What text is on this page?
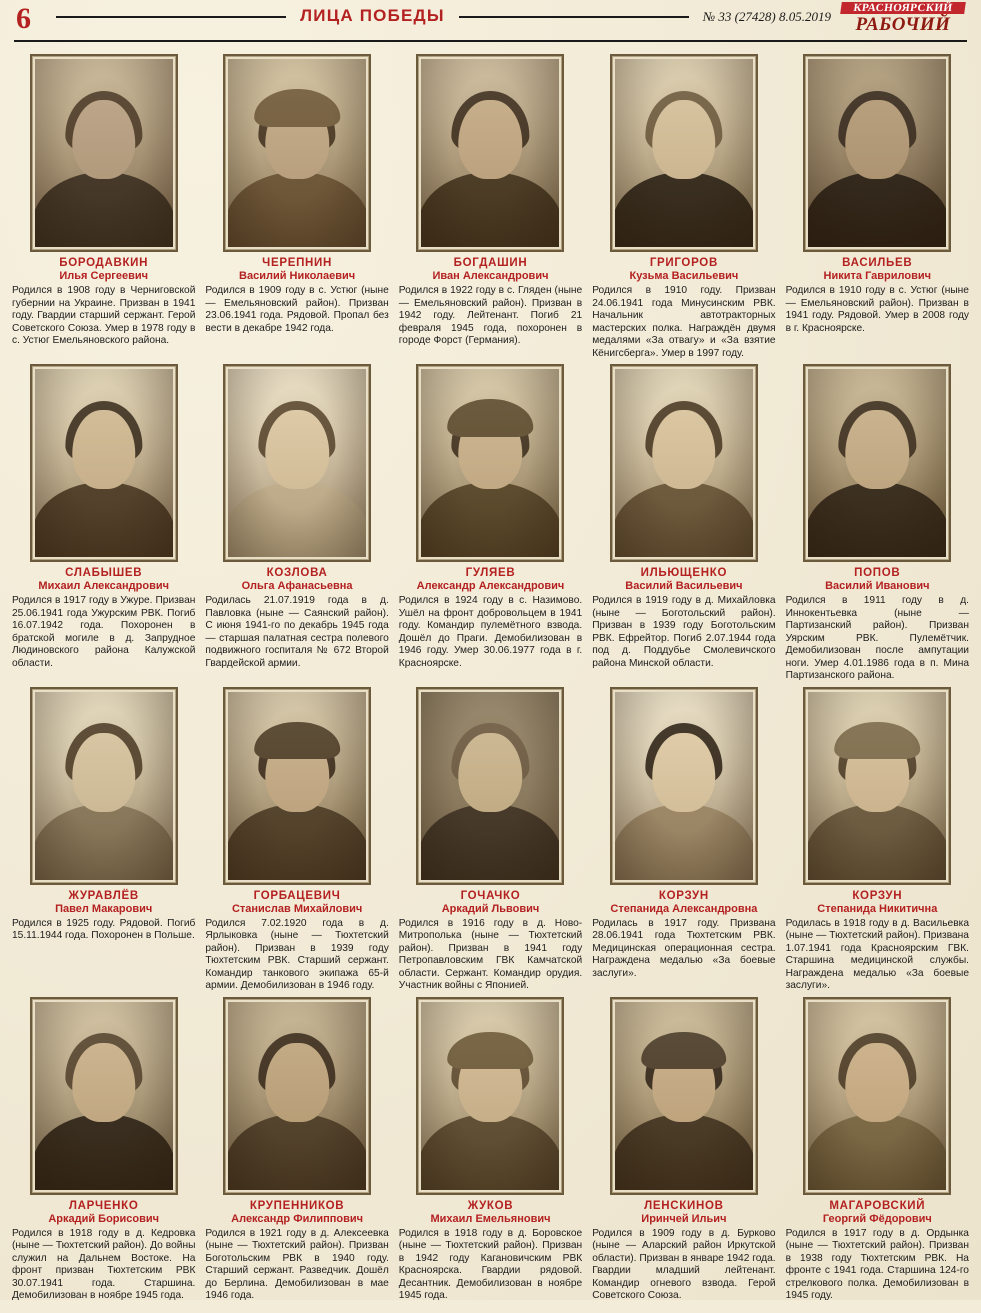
6	ЛИЦА ПОБЕДЫ	№ 33 (27428) 8.05.2019
КРАСНОЯРСКИЙ
РАБОЧИЙ
БОРОДАВКИН
Илья Сергеевич
Родился в 1908 году в Черниговской губернии на Украине. Призван в 1941 году. Гвардии старший сержант. Герой Советского Союза. Умер в 1978 году в с. Устюг Емельяновского района.
ЧЕРЕПНИН
Василий Николаевич
Родился в 1909 году в с. Устюг (ныне — Емельяновский район). Призван 23.06.1941 года. Рядовой. Пропал без вести в декабре 1942 года.
БОГДАШИН
Иван Александрович
Родился в 1922 году в с. Гляден (ныне — Емельяновский район). Призван в 1942 году. Лейтенант. Погиб 21 февраля 1945 года, похоронен в городе Форст (Германия).
ГРИГОРОВ
Кузьма Васильевич
Родился в 1910 году. Призван 24.06.1941 года Минусинским РВК. Начальник автотракторных мастерских полка. Награждён двумя медалями «За отвагу» и «За взятие Кёнигсберга». Умер в 1997 году.
ВАСИЛЬЕВ
Никита Гаврилович
Родился в 1910 году в с. Устюг (ныне — Емельяновский район). Призван в 1941 году. Рядовой. Умер в 2008 году в г. Красноярске.
СЛАБЫШЕВ
Михаил Александрович
Родился в 1917 году в Ужуре. Призван 25.06.1941 года Ужурским РВК. Погиб 16.07.1942 года. Похоронен в братской могиле в д. Запрудное Людиновского района Калужской области.
КОЗЛОВА
Ольга Афанасьевна
Родилась 21.07.1919 года в д. Павловка (ныне — Саянский район). С июня 1941-го по декабрь 1945 года — старшая палатная сестра полевого подвижного госпиталя № 672 Второй Гвардейской армии.
ГУЛЯЕВ
Александр Александрович
Родился в 1924 году в с. Назимово. Ушёл на фронт добровольцем в 1941 году. Командир пулемётного взвода. Дошёл до Праги. Демобилизован в 1946 году. Умер 30.06.1977 года в г. Красноярске.
ИЛЬЮЩЕНКО
Василий Васильевич
Родился в 1919 году в д. Михайловка (ныне — Боготольский район). Призван в 1939 году Боготольским РВК. Ефрейтор. Погиб 2.07.1944 года под д. Поддубье Смолевичского района Минской области.
ПОПОВ
Василий Иванович
Родился в 1911 году в д. Иннокентьевка (ныне — Партизанский район). Призван Уярским РВК. Пулемётчик. Демобилизован после ампутации ноги. Умер 4.01.1986 года в п. Мина Партизанского района.
ЖУРАВЛЁВ
Павел Макарович
Родился в 1925 году. Рядовой. Погиб 15.11.1944 года. Похоронен в Польше.
ГОРБАЦЕВИЧ
Станислав Михайлович
Родился 7.02.1920 года в д. Ярлыковка (ныне — Тюхтетский район). Призван в 1939 году Тюхтетским РВК. Старший сержант. Командир танкового экипажа 65-й армии. Демобилизован в 1946 году.
ГОЧАЧКО
Аркадий Львович
Родился в 1916 году в д. Ново-Митрополька (ныне — Тюхтетский район). Призван в 1941 году Петропавловским ГВК Камчатской области. Сержант. Командир орудия. Участник войны с Японией.
КОРЗУН
Степанида Александровна
Родилась в 1917 году. Призвана 28.06.1941 года Тюхтетским РВК. Медицинская операционная сестра. Награждена медалью «За боевые заслуги».
КОРЗУН
Степанида Никитична
Родилась в 1918 году в д. Васильевка (ныне — Тюхтетский район). Призвана 1.07.1941 года Красноярским ГВК. Старшина медицинской службы. Награждена медалью «За боевые заслуги».
ЛАРЧЕНКО
Аркадий Борисович
Родился в 1918 году в д. Кедровка (ныне — Тюхтетский район). До войны служил на Дальнем Востоке. На фронт призван Тюхтетским РВК 30.07.1941 года. Старшина. Демобилизован в ноябре 1945 года.
КРУПЕННИКОВ
Александр Филиппович
Родился в 1921 году в д. Алексеевка (ныне — Тюхтетский район). Призван Боготольским РВК в 1940 году. Старший сержант. Разведчик. Дошёл до Берлина. Демобилизован в мае 1946 года.
ЖУКОВ
Михаил Емельянович
Родился в 1918 году в д. Боровское (ныне — Тюхтетский район). Призван в 1942 году Кагановичским РВК Красноярска. Гвардии рядовой. Десантник. Демобилизован в ноябре 1945 года.
ЛЕНСКИНОВ
Иринчей Ильич
Родился в 1909 году в д. Бурково (ныне — Аларский район Иркутской области). Призван в январе 1942 года. Гвардии младший лейтенант. Командир огневого взвода. Герой Советского Союза.
МАГАРОВСКИЙ
Георгий Фёдорович
Родился в 1917 году в д. Ордынка (ныне — Тюхтетский район). Призван в 1938 году Тюхтетским РВК. На фронте с 1941 года. Старшина 124-го стрелкового полка. Демобилизован в 1945 году.
